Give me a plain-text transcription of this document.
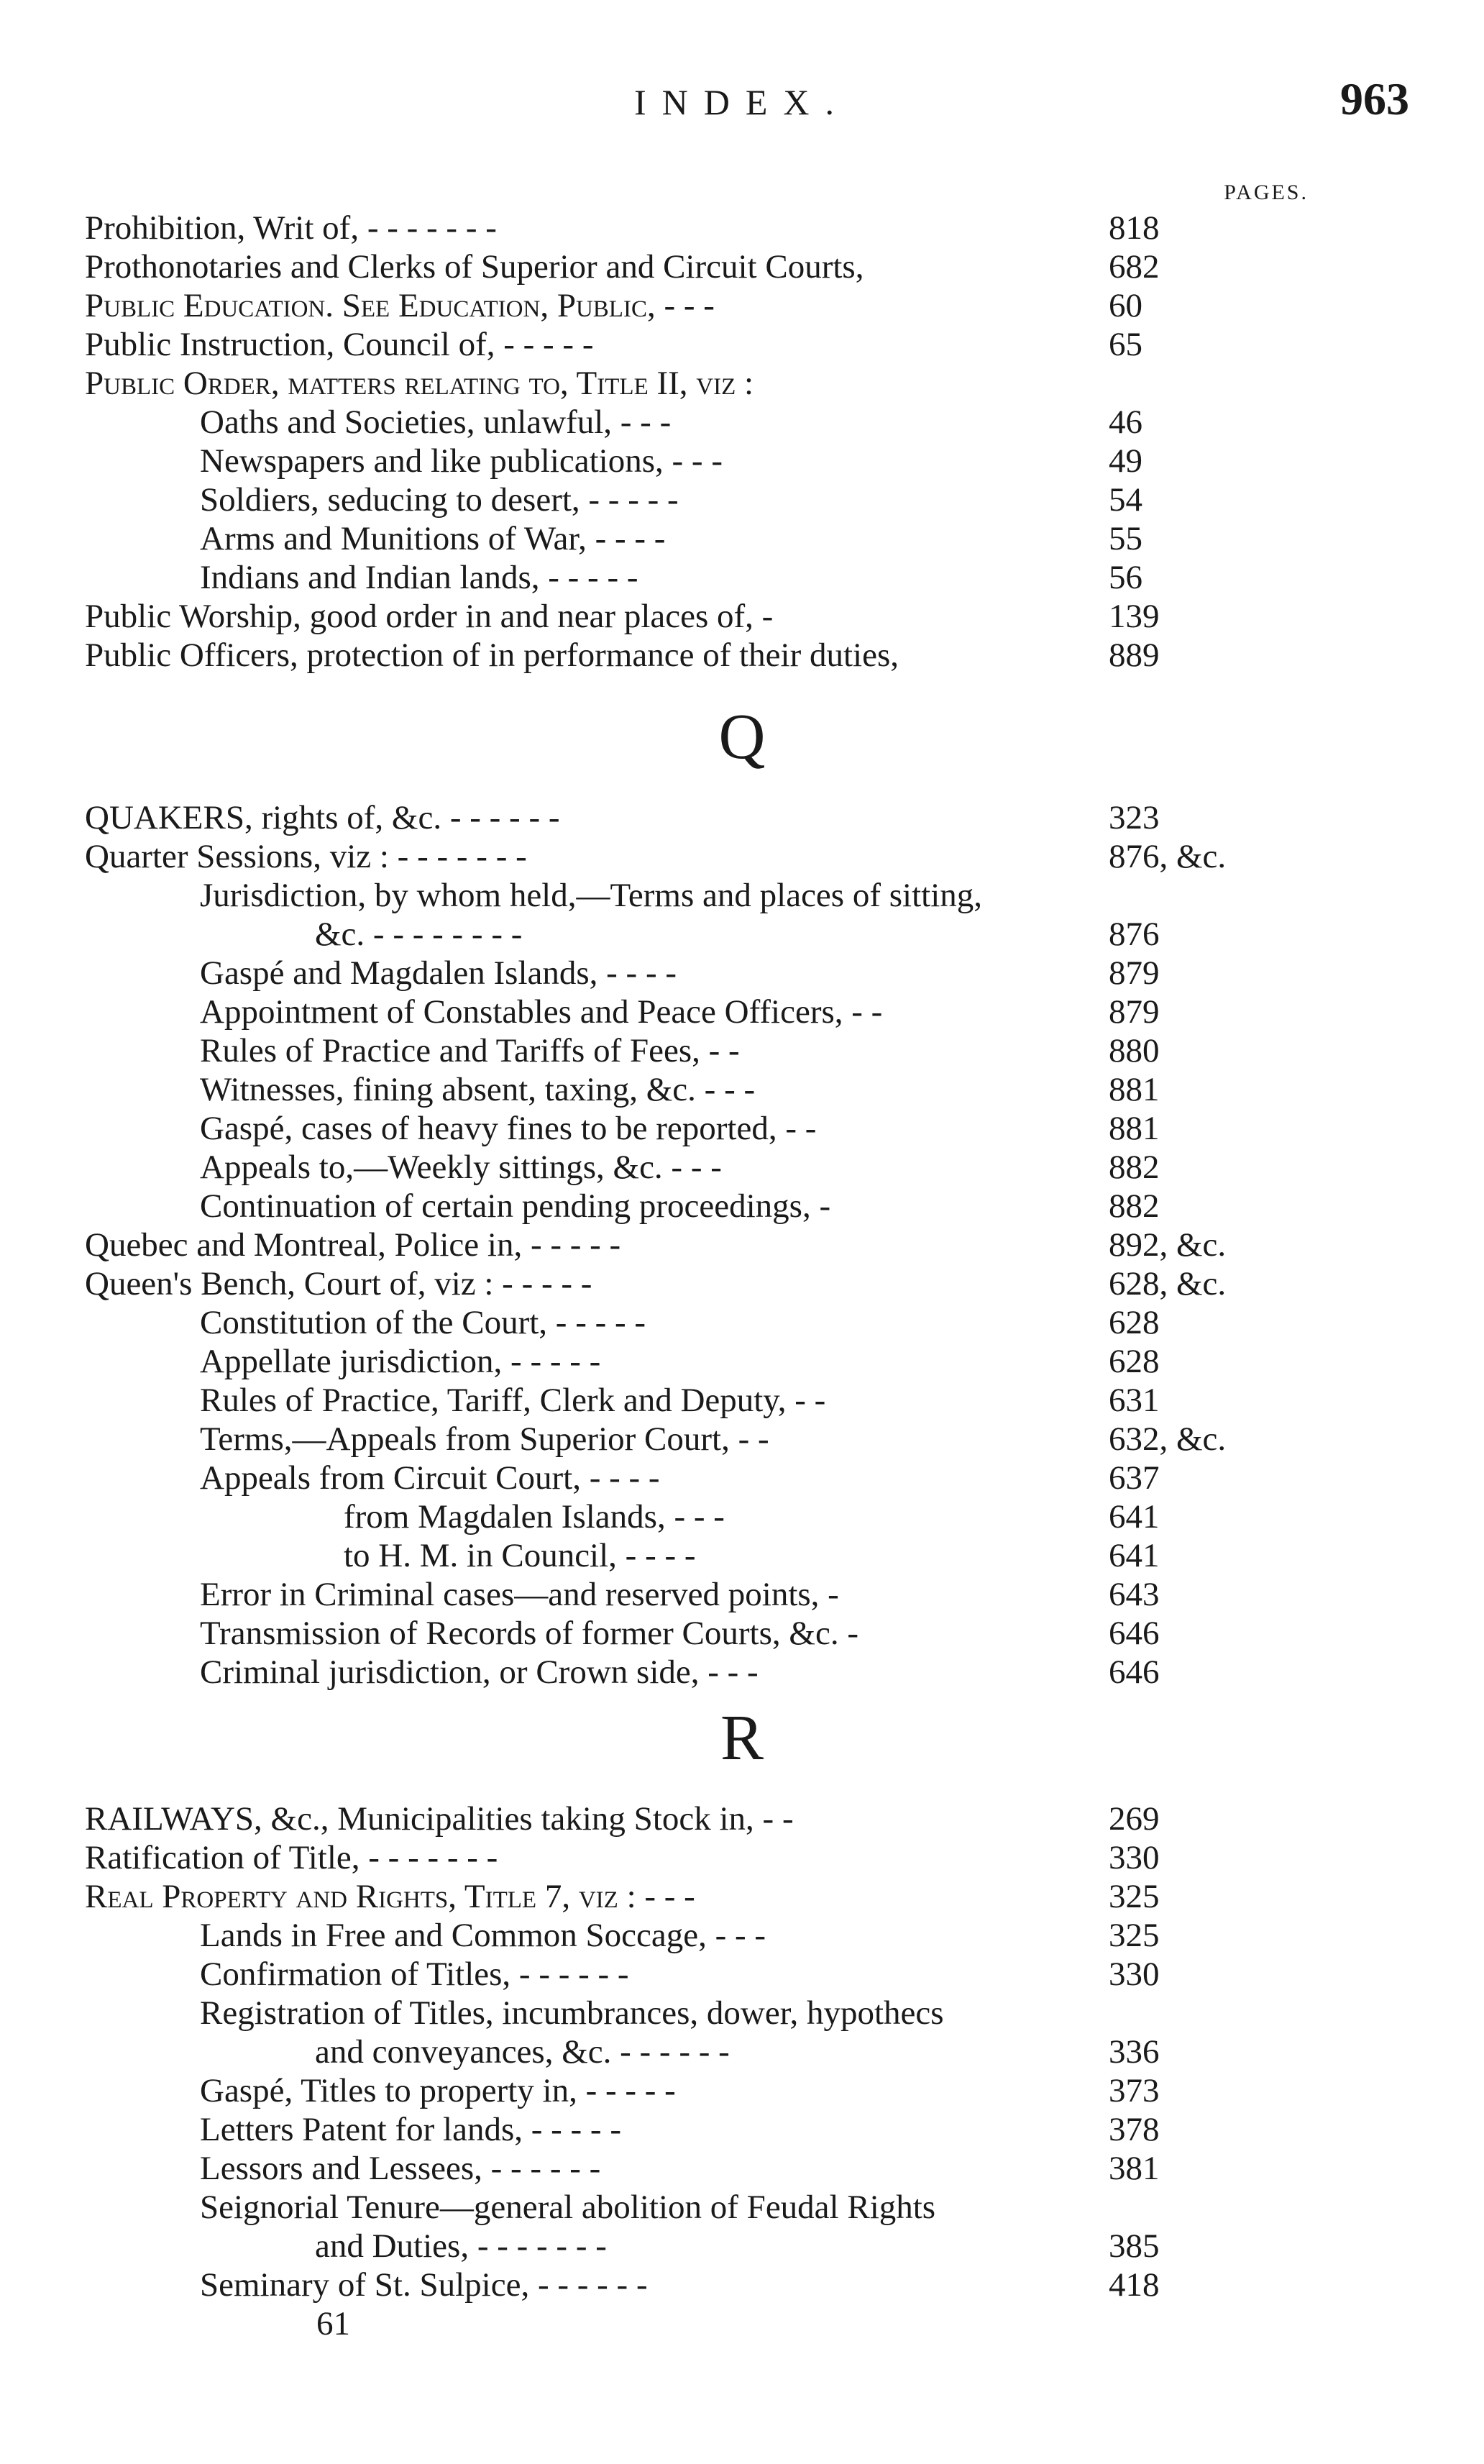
INDEX.	963
PAGES.
Prohibition, Writ of, - - - - - - -	818
Prothonotaries and Clerks of Superior and Circuit Courts,	682
Public Education. See Education, Public, - - -	60
Public Instruction, Council of, - - - - -	65
Public Order, matters relating to, Title II, viz :
Oaths and Societies, unlawful, - - -	46
Newspapers and like publications, - - -	49
Soldiers, seducing to desert, - - - - -	54
Arms and Munitions of War, - - - -	55
Indians and Indian lands, - - - - -	56
Public Worship, good order in and near places of, -	139
Public Officers, protection of in performance of their duties,	889
Q
QUAKERS, rights of, &c. - - - - - -	323
Quarter Sessions, viz : - - - - - - -	876, &c.
Jurisdiction, by whom held,—Terms and places of sitting,
&c. - - - - - - - -	876
Gaspé and Magdalen Islands, - - - -	879
Appointment of Constables and Peace Officers, - -	879
Rules of Practice and Tariffs of Fees, - -	880
Witnesses, fining absent, taxing, &c. - - -	881
Gaspé, cases of heavy fines to be reported, - -	881
Appeals to,—Weekly sittings, &c. - - -	882
Continuation of certain pending proceedings, -	882
Quebec and Montreal, Police in, - - - - -	892, &c.
Queen's Bench, Court of, viz : - - - - -	628, &c.
Constitution of the Court, - - - - -	628
Appellate jurisdiction, - - - - -	628
Rules of Practice, Tariff, Clerk and Deputy, - -	631
Terms,—Appeals from Superior Court, - -	632, &c.
Appeals from Circuit Court, - - - -	637
from Magdalen Islands, - - -	641
to H. M. in Council, - - - -	641
Error in Criminal cases—and reserved points, -	643
Transmission of Records of former Courts, &c. -	646
Criminal jurisdiction, or Crown side, - - -	646
R
RAILWAYS, &c., Municipalities taking Stock in, - -	269
Ratification of Title, - - - - - - -	330
Real Property and Rights, Title 7, viz : - - -	325
Lands in Free and Common Soccage, - - -	325
Confirmation of Titles, - - - - - -	330
Registration of Titles, incumbrances, dower, hypothecs
and conveyances, &c. - - - - - -	336
Gaspé, Titles to property in, - - - - -	373
Letters Patent for lands, - - - - -	378
Lessors and Lessees, - - - - - -	381
Seignorial Tenure—general abolition of Feudal Rights
and Duties, - - - - - - -	385
Seminary of St. Sulpice, - - - - - -	418
61
